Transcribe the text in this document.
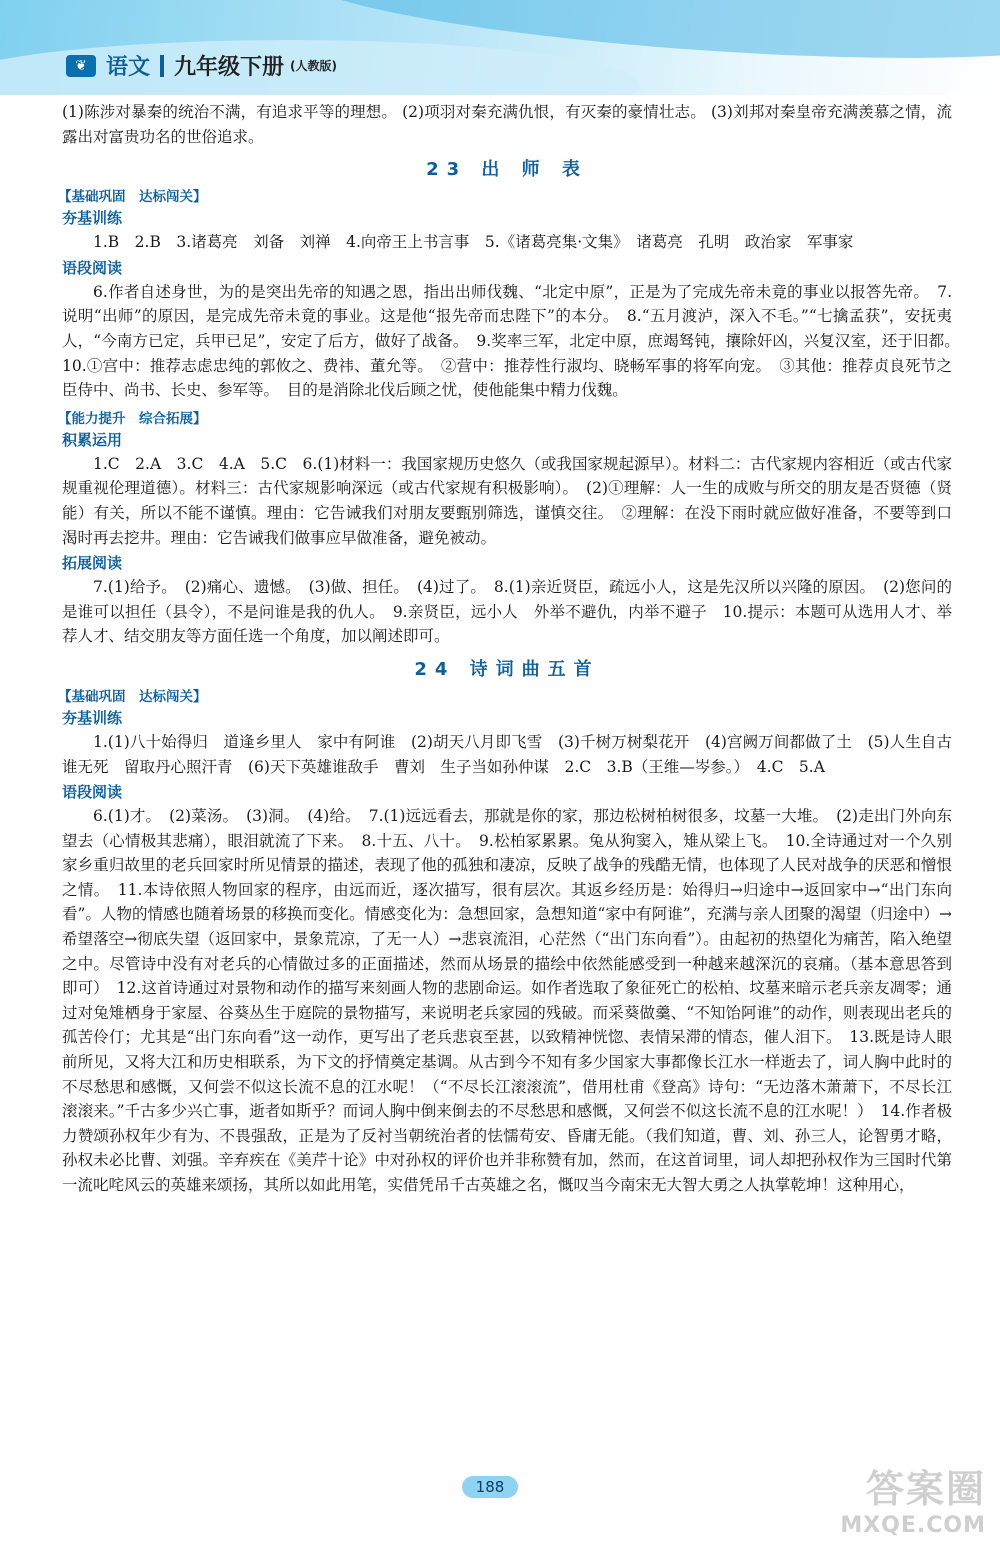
❦ 语文 九年级下册 (人教版)

(1)陈涉对暴秦的统治不满，有追求平等的理想。 (2)项羽对秦充满仇恨，有灭秦的豪情壮志。 (3)刘邦对秦皇帝充满羡慕之情，流露出对富贵功名的世俗追求。

23 出 师 表
【基础巩固　达标闯关】
夯基训练

1.B　2.B　3.诸葛亮　刘备　刘禅　4.向帝王上书言事　5.《诸葛亮集·文集》　诸葛亮　孔明　政治家　军事家

语段阅读

6.作者自述身世，为的是突出先帝的知遇之恩，指出出师伐魏、“北定中原”，正是为了完成先帝未竟的事业以报答先帝。　7.说明“出师”的原因，是完成先帝未竟的事业。这是他“报先帝而忠陛下”的本分。　8.“五月渡泸，深入不毛。”“七擒孟获”，安抚夷人，“今南方已定，兵甲已足”，安定了后方，做好了战备。　9.奖率三军，北定中原，庶竭驽钝，攘除奸凶，兴复汉室，还于旧都。　10.①宫中：推荐志虑忠纯的郭攸之、费祎、董允等。　②营中：推荐性行淑均、晓畅军事的将军向宠。　③其他：推荐贞良死节之臣侍中、尚书、长史、参军等。　目的是消除北伐后顾之忧，使他能集中精力伐魏。

【能力提升　综合拓展】
积累运用

1.C　2.A　3.C　4.A　5.C　6.(1)材料一：我国家规历史悠久（或我国家规起源早）。材料二：古代家规内容相近（或古代家规重视伦理道德）。材料三：古代家规影响深远（或古代家规有积极影响）。　(2)①理解：人一生的成败与所交的朋友是否贤德（贤能）有关，所以不能不谨慎。理由：它告诫我们对朋友要甄别筛选，谨慎交往。　②理解：在没下雨时就应做好准备，不要等到口渴时再去挖井。理由：它告诫我们做事应早做准备，避免被动。

拓展阅读

7.(1)给予。　(2)痛心、遗憾。　(3)做、担任。　(4)过了。　8.(1)亲近贤臣，疏远小人，这是先汉所以兴隆的原因。　(2)您问的是谁可以担任（县令），不是问谁是我的仇人。　9.亲贤臣，远小人　外举不避仇，内举不避子　10.提示：本题可从选用人才、举荐人才、结交朋友等方面任选一个角度，加以阐述即可。

24 诗词曲五首
【基础巩固　达标闯关】
夯基训练

1.(1)八十始得归　道逢乡里人　家中有阿谁　(2)胡天八月即飞雪　(3)千树万树梨花开　(4)宫阙万间都做了土　(5)人生自古谁无死　留取丹心照汗青　(6)天下英雄谁敌手　曹刘　生子当如孙仲谋　2.C　3.B（王维—岑参。）　4.C　5.A

语段阅读

6.(1)才。　(2)菜汤。　(3)洞。　(4)给。　7.(1)远远看去，那就是你的家，那边松树柏树很多，坟墓一大堆。　(2)走出门外向东望去（心情极其悲痛），眼泪就流了下来。　8.十五、八十。　9.松柏冢累累。兔从狗窦入，雉从梁上飞。　10.全诗通过对一个久别家乡重归故里的老兵回家时所见情景的描述，表现了他的孤独和凄凉，反映了战争的残酷无情，也体现了人民对战争的厌恶和憎恨之情。　11.本诗依照人物回家的程序，由远而近，逐次描写，很有层次。其返乡经历是：始得归→归途中→返回家中→“出门东向看”。人物的情感也随着场景的移换而变化。情感变化为：急想回家，急想知道“家中有阿谁”，充满与亲人团聚的渴望（归途中）→希望落空→彻底失望（返回家中，景象荒凉，了无一人）→悲哀流泪，心茫然（“出门东向看”）。由起初的热望化为痛苦，陷入绝望之中。尽管诗中没有对老兵的心情做过多的正面描述，然而从场景的描绘中依然能感受到一种越来越深沉的哀痛。（基本意思答到即可）　12.这首诗通过对景物和动作的描写来刻画人物的悲剧命运。如作者选取了象征死亡的松柏、坟墓来暗示老兵亲友凋零；通过对兔雉栖身于家屋、谷葵丛生于庭院的景物描写，来说明老兵家园的残破。而采葵做羹、“不知饴阿谁”的动作，则表现出老兵的孤苦伶仃；尤其是“出门东向看”这一动作，更写出了老兵悲哀至甚，以致精神恍惚、表情呆滞的情态，催人泪下。　13.既是诗人眼前所见，又将大江和历史相联系，为下文的抒情奠定基调。从古到今不知有多少国家大事都像长江水一样逝去了，词人胸中此时的不尽愁思和感慨，又何尝不似这长流不息的江水呢！（“不尽长江滚滚流”，借用杜甫《登高》诗句：“无边落木萧萧下，不尽长江滚滚来。”千古多少兴亡事，逝者如斯乎？而词人胸中倒来倒去的不尽愁思和感慨，又何尝不似这长流不息的江水呢！）　14.作者极力赞颂孙权年少有为、不畏强敌，正是为了反衬当朝统治者的怯懦苟安、昏庸无能。（我们知道，曹、刘、孙三人，论智勇才略，孙权未必比曹、刘强。辛弃疾在《美芹十论》中对孙权的评价也并非称赞有加，然而，在这首词里，词人却把孙权作为三国时代第一流叱咤风云的英雄来颂扬，其所以如此用笔，实借凭吊千古英雄之名，慨叹当今南宋无大智大勇之人执掌乾坤！这种用心，

188	答案圈
MXQE.COM
